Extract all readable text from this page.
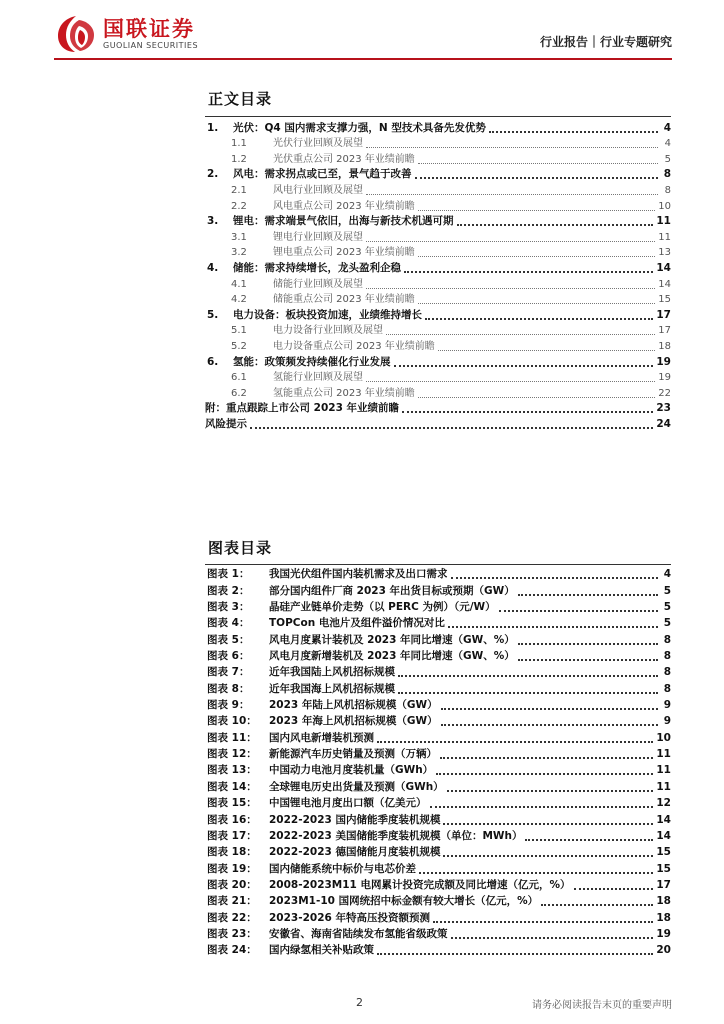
国联证券
GUOLIAN SECURITIES	行业报告｜行业专题研究
正文目录
1.	光伏：Q4 国内需求支撑力强，N 型技术具备先发优势	4
1.1	光伏行业回顾及展望	4
1.2	光伏重点公司 2023 年业绩前瞻	5
2.	风电：需求拐点或已至，景气趋于改善	8
2.1	风电行业回顾及展望	8
2.2	风电重点公司 2023 年业绩前瞻	10
3.	锂电：需求端景气依旧，出海与新技术机遇可期	11
3.1	锂电行业回顾及展望	11
3.2	锂电重点公司 2023 年业绩前瞻	13
4.	储能：需求持续增长，龙头盈利企稳	14
4.1	储能行业回顾及展望	14
4.2	储能重点公司 2023 年业绩前瞻	15
5.	电力设备：板块投资加速，业绩维持增长	17
5.1	电力设备行业回顾及展望	17
5.2	电力设备重点公司 2023 年业绩前瞻	18
6.	氢能：政策频发持续催化行业发展	19
6.1	氢能行业回顾及展望	19
6.2	氢能重点公司 2023 年业绩前瞻	22
附：重点跟踪上市公司 2023 年业绩前瞻	23
风险提示	24
图表目录
图表 1：	我国光伏组件国内装机需求及出口需求	4
图表 2：	部分国内组件厂商 2023 年出货目标或预期（GW）	5
图表 3：	晶硅产业链单价走势（以 PERC 为例）（元/W）	5
图表 4：	TOPCon 电池片及组件溢价情况对比	5
图表 5：	风电月度累计装机及 2023 年同比增速（GW、%）	8
图表 6：	风电月度新增装机及 2023 年同比增速（GW、%）	8
图表 7：	近年我国陆上风机招标规模	8
图表 8：	近年我国海上风机招标规模	8
图表 9：	2023 年陆上风机招标规模（GW）	9
图表 10：	2023 年海上风机招标规模（GW）	9
图表 11：	国内风电新增装机预测	10
图表 12：	新能源汽车历史销量及预测（万辆）	11
图表 13：	中国动力电池月度装机量（GWh）	11
图表 14：	全球锂电历史出货量及预测（GWh）	11
图表 15：	中国锂电池月度出口额（亿美元）	12
图表 16：	2022-2023 国内储能季度装机规模	14
图表 17：	2022-2023 美国储能季度装机规模（单位：MWh）	14
图表 18：	2022-2023 德国储能月度装机规模	15
图表 19：	国内储能系统中标价与电芯价差	15
图表 20：	2008-2023M11 电网累计投资完成额及同比增速（亿元，%）	17
图表 21：	2023M1-10 国网统招中标金额有较大增长（亿元，%）	18
图表 22：	2023-2026 年特高压投资额预测	18
图表 23：	安徽省、海南省陆续发布氢能省级政策	19
图表 24：	国内绿氢相关补贴政策	20
2	请务必阅读报告末页的重要声明
